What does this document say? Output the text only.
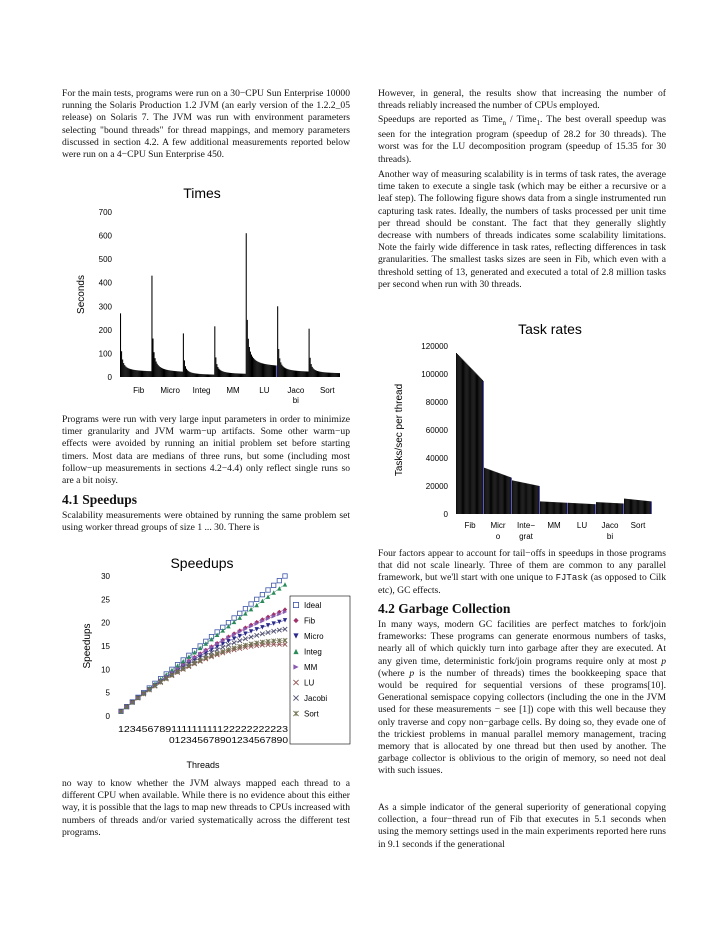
For the main tests, programs were run on a 30−CPU Sun Enterprise 10000 running the Solaris Production 1.2 JVM (an early version of the 1.2.2_05 release) on Solaris 7. The JVM was run with environment parameters selecting "bound threads" for thread mappings, and memory parameters discussed in section 4.2. A few additional measurements reported below were run on a 4−CPU Sun Enterprise 450.

Times
Seconds
700
600
500
400
300
200
100
0
Fib Micro Integ MM LU Jaco
bi
Sort

Programs were run with very large input parameters in order to minimize timer granularity and JVM warm−up artifacts. Some other warm−up effects were avoided by running an initial problem set before starting timers. Most data are medians of three runs, but some (including most follow−up measurements in sections 4.2−4.4) only reflect single runs so are a bit noisy.

4.1 Speedups

Scalability measurements were obtained by running the same problem set using worker thread groups of size 1 ... 30. There is

Speedups
Speedups
30
25
20
15
10
5
0
123456789111111111122222222223
012345678901234567890
Threads
Ideal
Fib
Micro
Integ
MM
LU
Jacobi
Sort

no way to know whether the JVM always mapped each thread to a different CPU when available. While there is no evidence about this either way, it is possible that the lags to map new threads to CPUs increased with numbers of threads and/or varied systematically across the different test programs.

However, in general, the results show that increasing the number of threads reliably increased the number of CPUs employed.

Speedups are reported as Time$_n$ / Time$_1$. The best overall speedup was seen for the integration program (speedup of 28.2 for 30 threads). The worst was for the LU decomposition program (speedup of 15.35 for 30 threads).

Another way of measuring scalability is in terms of task rates, the average time taken to execute a single task (which may be either a recursive or a leaf step). The following figure shows data from a single instrumented run capturing task rates. Ideally, the numbers of tasks processed per unit time per thread should be constant. The fact that they generally slightly decrease with numbers of threads indicates some scalability limitations. Note the fairly wide difference in task rates, reflecting differences in task granularities. The smallest tasks sizes are seen in Fib, which even with a threshold setting of 13, generated and executed a total of 2.8 million tasks per second when run with 30 threads.

Task rates
Tasks/sec per thread
120000
100000
80000
60000
40000
20000
0
Fib Micr
o
Inte−
grat
MM LU Jaco
bi
Sort

Four factors appear to account for tail−offs in speedups in those programs that did not scale linearly. Three of them are common to any parallel framework, but we'll start with one unique to FJTask (as opposed to Cilk etc), GC effects.

4.2 Garbage Collection

In many ways, modern GC facilities are perfect matches to fork/join frameworks: These programs can generate enormous numbers of tasks, nearly all of which quickly turn into garbage after they are executed. At any given time, deterministic fork/join programs require only at most p (where p is the number of threads) times the bookkeeping space that would be required for sequential versions of these programs[10]. Generational semispace copying collectors (including the one in the JVM used for these measurements − see [1]) cope with this well because they only traverse and copy non−garbage cells. By doing so, they evade one of the trickiest problems in manual parallel memory management, tracing memory that is allocated by one thread but then used by another. The garbage collector is oblivious to the origin of memory, so need not deal with such issues.

As a simple indicator of the general superiority of generational copying collection, a four−thread run of Fib that executes in 5.1 seconds when using the memory settings used in the main experiments reported here runs in 9.1 seconds if the generational
